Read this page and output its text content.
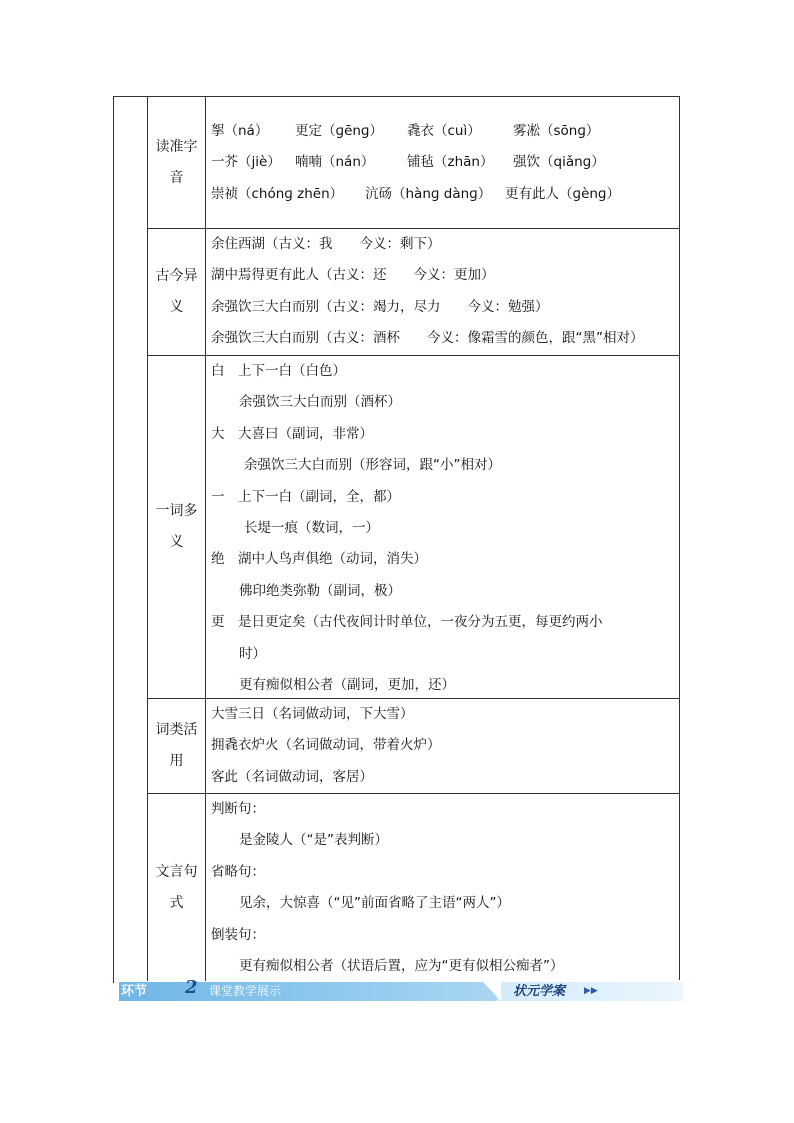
读准字音
挐（ná） 更定（ɡēnɡ） 毳衣（cuì） 雾凇（sōnɡ）
一芥（jiè） 喃喃（nán） 铺毡（zhān） 强饮（qiǎnɡ）
崇祯（chónɡ zhēn） 沆砀（hànɡ dànɡ） 更有此人（ɡènɡ）
古今异义
余住西湖（古义：我　　今义：剩下）
湖中焉得更有此人（古义：还　　今义：更加）
余强饮三大白而别（古义：竭力，尽力　　今义：勉强）
余强饮三大白而别（古义：酒杯　　今义：像霜雪的颜色，跟“黑”相对）
一词多义
白　上下一白（白色）
余强饮三大白而别（酒杯）
大　大喜曰（副词，非常）
余强饮三大白而别（形容词，跟“小”相对）
一　上下一白（副词，全，都）
长堤一痕（数词，一）
绝　湖中人鸟声俱绝（动词，消失）
佛印绝类弥勒（副词，极）
更　是日更定矣（古代夜间计时单位，一夜分为五更，每更约两小
时）
更有痴似相公者（副词，更加，还）
词类活用
大雪三日（名词做动词，下大雪）
拥毳衣炉火（名词做动词，带着火炉）
客此（名词做动词，客居）
文言句式
判断句：
是金陵人（“是”表判断）
省略句：
见余，大惊喜（“见”前面省略了主语“两人”）
倒装句：
更有痴似相公者（状语后置，应为“更有似相公痴者”）
环节 2 课堂教学展示	状元学案 ▶▶
